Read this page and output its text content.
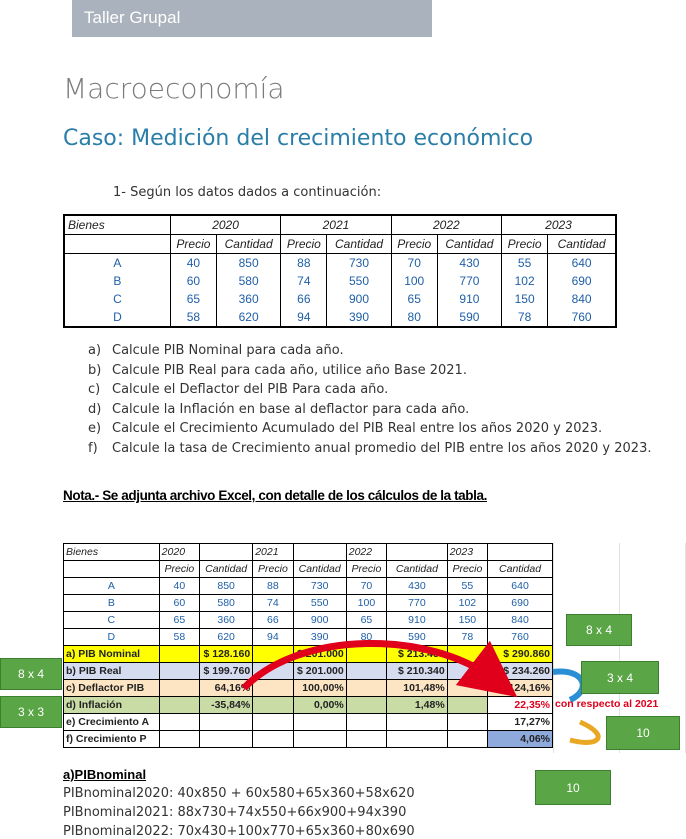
Taller Grupal
Macroeconomía
Caso: Medición del crecimiento económico
1- Según los datos dados a continuación:
Bienes	2020		2021		2022		2023	
	Precio	Cantidad	Precio	Cantidad	Precio	Cantidad	Precio	Cantidad
A	40	850	88	730	70	430	55	640
B	60	580	74	550	100	770	102	690
C	65	360	66	900	65	910	150	840
D	58	620	94	390	80	590	78	760
a) Calcule PIB Nominal para cada año.
b) Calcule PIB Real para cada año, utilice año Base 2021.
c) Calcule el Deflactor del PIB Para cada año.
d) Calcule la Inflación en base al deflactor para cada año.
e) Calcule el Crecimiento Acumulado del PIB Real entre los años 2020 y 2023.
f) Calcule la tasa de Crecimiento anual promedio del PIB entre los años 2020 y 2023.
Nota.- Se adjunta archivo Excel, con detalle de los cálculos de la tabla.
Bienes	2020		2021		2022		2023	
	Precio	Cantidad	Precio	Cantidad	Precio	Cantidad	Precio	Cantidad
A	40	850	88	730	70	430	55	640
B	60	580	74	550	100	770	102	690
C	65	360	66	900	65	910	150	840
D	58	620	94	390	80	590	78	760
a) PIB Nominal		$ 128.160		$ 201.000		$ 213.450		$ 290.860
b) PIB Real		$ 199.760		$ 201.000		$ 210.340		$ 234.260
c) Deflactor PIB		64,16%		100,00%		101,48%		124,16%
d) Inflación		-35,84%		0,00%		1,48%		22,35%
e) Crecimiento A								17,27%
f) Crecimiento P								4,06%
con respecto al 2021
8 x 4
8 x 4
3 x 3
3 x 4
10
10
a)PIBnominal
PIBnominal2020: 40x850 + 60x580+65x360+58x620
PIBnominal2021: 88x730+74x550+66x900+94x390
PIBnominal2022: 70x430+100x770+65x360+80x690
